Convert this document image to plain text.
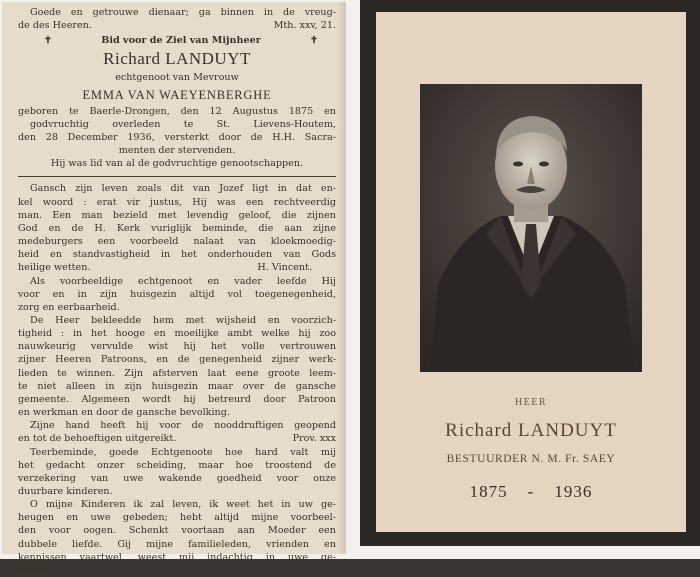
Goede en getrouwe dienaar; ga binnen in de vreug-
de des Heeren.	Mth. xxv, 21.
✝	Bid voor de Ziel van Mijnheer	✝
Richard LANDUYT
echtgenoot van Mevrouw
EMMA VAN WAEYENBERGHE
geboren te Baerle-Drongen, den 12 Augustus 1875 en
godvruchtig overleden te St. Lievens-Houtem,
den 28 December 1936, versterkt door de H.H. Sacra-
menten der stervenden.
Hij was lid van al de godvruchtige genootschappen.
Gansch zijn leven zoals dit van Jozef ligt in dat en-
kel woord : erat vir justus, Hij was een rechtveerdig
man. Een man bezield met levendig geloof, die zijnen
God en de H. Kerk vuriglijk beminde, die aan zijne
medeburgers een voorbeeld nalaat van kloekmoedig-
heid en standvastigheid in het onderhouden van Gods
heilige wetten.	H. Vincent.
Als voorbeeldige echtgenoot en vader leefde Hij
voor en in zijn huisgezin altijd vol toegenegenheid,
zorg en eerbaarheid.
De Heer bekleedde hem met wijsheid en voorzich-
tigheid : in het hooge en moeilijke ambt welke hij zoo
nauwkeurig vervulde wist hij het volle vertrouwen
zijner Heeren Patroons, en de genegenheid zijner werk-
lieden te winnen. Zijn afsterven laat eene groote leem-
te niet alleen in zijn huisgezin maar over de gansche
gemeente. Algemeen wordt hij betreurd door Patroon
en werkman en door de gansche bevolking.
Zijne hand heeft hij voor de nooddruftigen geopend
en tot de behoeftigen uitgereikt.	Prov. xxx
Teerbeminde, goede Echtgenoote hoe hard valt mij
het gedacht onzer scheiding, maar hoe troostend de
verzekering van uwe wakende goedheid voor onze
duurbare kinderen.
O mijne Kinderen ik zal leven, ik weet het in uw ge-
heugen en uwe gebeden; hebt altijd mijne voorbeel-
den voor oogen. Schenkt voortaan aan Moeder een
dubbele liefde. Gij mijne familieleden, vrienden en
kennissen vaartwel, weest mij indachtig in uwe ge-
beden.
HEER
Richard LANDUYT
BESTUURDER N. M. Fr. SAEY
1875 - 1936
